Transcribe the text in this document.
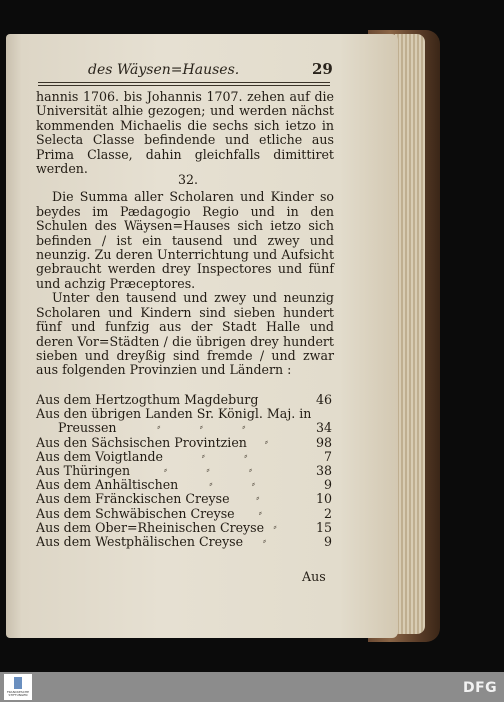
des Wäysen=Hauses.	29

hannis 1706. bis Johannis 1707. zehen auf die Universität alhie gezogen; und werden nächst kommenden Michaelis die sechs sich ietzo in Selecta Classe befindende und etliche aus Prima Classe, dahin gleichfalls dimittiret werden.

Die Summa aller Scholaren und Kinder so beydes im Pædagogio Regio und in den Schulen des Wäysen=Hauses sich ietzo sich befinden / ist ein tausend und zwey und neunzig. Zu deren Unterrichtung und Aufsicht gebraucht werden drey Inspectores und fünf und achzig Præceptores.

Unter den tausend und zwey und neunzig Scholaren und Kindern sind sieben hundert fünf und funfzig aus der Stadt Halle und deren Vor=Städten / die übrigen drey hundert sieben und dreyßig sind fremde / und zwar aus folgenden Provinzien und Ländern :

32.
Aus dem Hertzogthum Magdeburg	46
Aus den übrigen Landen Sr. Königl. Maj. in
Preussen	⸗ ⸗ ⸗	34
Aus den Sächsischen Provintzien	⸗	98
Aus dem Voigtlande	⸗ ⸗	7
Aus Thüringen	⸗ ⸗ ⸗	38
Aus dem Anhältischen	⸗ ⸗	9
Aus dem Fränckischen Creyse	⸗	10
Aus dem Schwäbischen Creyse	⸗	2
Aus dem Ober=Rheinischen Creyse ⸗	15
Aus dem Westphälischen Creyse	⸗	9
Aus
FRANCKESCHE STIFTUNGEN	DFG
